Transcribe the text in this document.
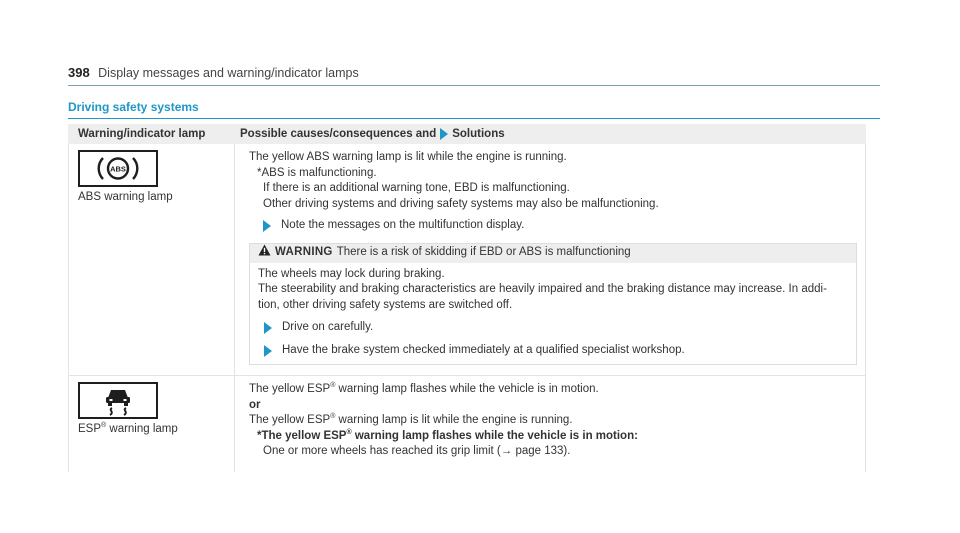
398 Display messages and warning/indicator lamps
Driving safety systems
Warning/indicator lamp	Possible causes/consequences and Solutions
ABS
ABS warning lamp
The yellow ABS warning lamp is lit while the engine is running.
*ABS is malfunctioning.
If there is an additional warning tone, EBD is malfunctioning.
Other driving systems and driving safety systems may also be malfunctioning.
Note the messages on the multifunction display.
WARNING There is a risk of skidding if EBD or ABS is malfunctioning
The wheels may lock during braking.
The steerability and braking characteristics are heavily impaired and the braking distance may increase. In addi-tion, other driving safety systems are switched off.
Drive on carefully.
Have the brake system checked immediately at a qualified specialist workshop.
ESP® warning lamp
The yellow ESP® warning lamp flashes while the vehicle is in motion.
or
The yellow ESP® warning lamp is lit while the engine is running.
*The yellow ESP® warning lamp flashes while the vehicle is in motion:
One or more wheels has reached its grip limit (→ page 133).
